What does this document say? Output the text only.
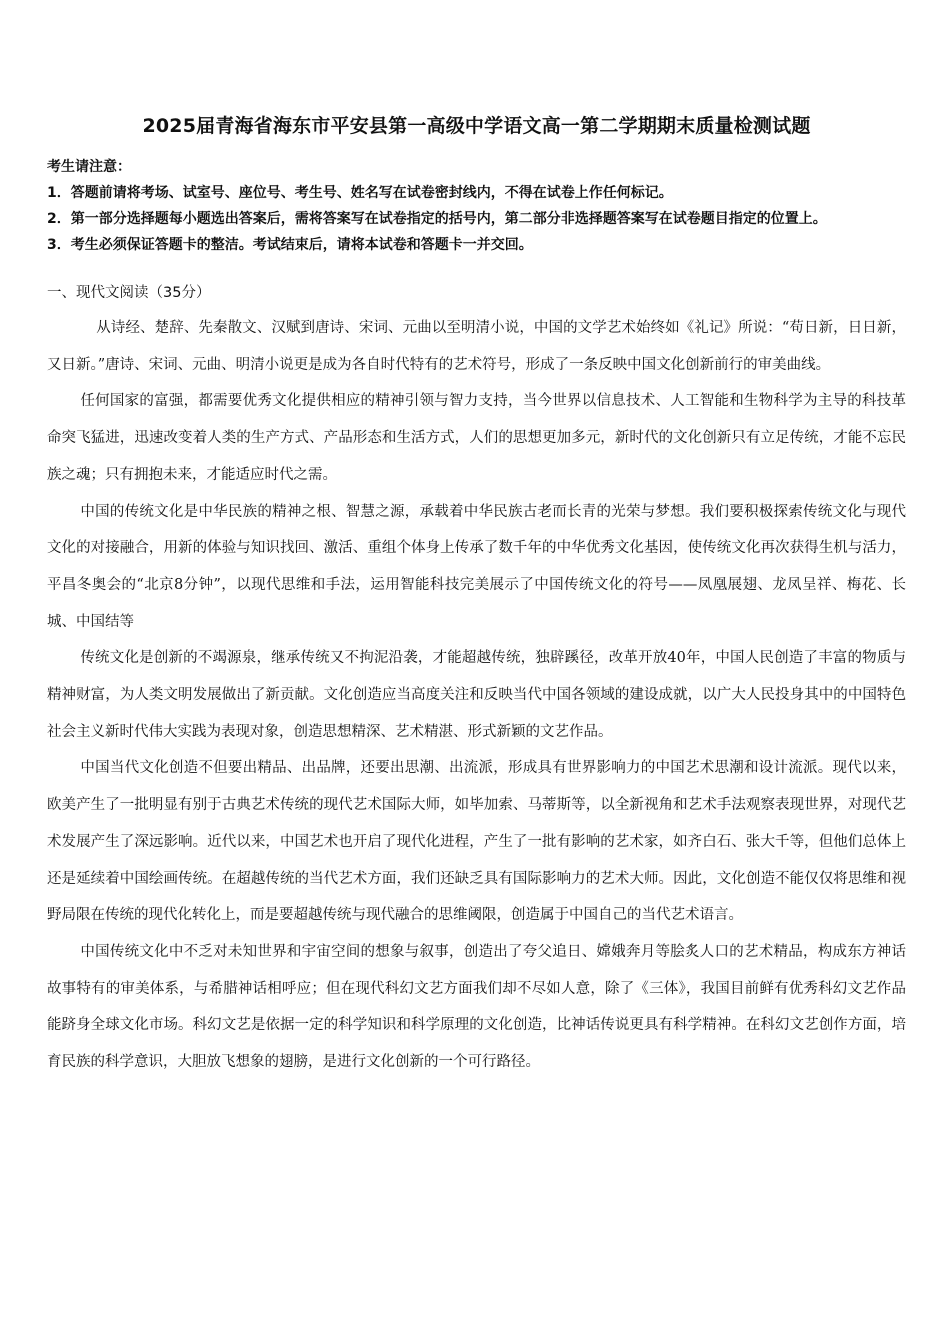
2025届青海省海东市平安县第一高级中学语文高一第二学期期末质量检测试题

考生请注意：

1．答题前请将考场、试室号、座位号、考生号、姓名写在试卷密封线内，不得在试卷上作任何标记。

2．第一部分选择题每小题选出答案后，需将答案写在试卷指定的括号内，第二部分非选择题答案写在试卷题目指定的位置上。

3．考生必须保证答题卡的整洁。考试结束后，请将本试卷和答题卡一并交回。

一、现代文阅读（35分）

从诗经、楚辞、先秦散文、汉赋到唐诗、宋词、元曲以至明清小说，中国的文学艺术始终如《礼记》所说：“苟日新，日日新，又日新。”唐诗、宋词、元曲、明清小说更是成为各自时代特有的艺术符号，形成了一条反映中国文化创新前行的审美曲线。

任何国家的富强，都需要优秀文化提供相应的精神引领与智力支持，当今世界以信息技术、人工智能和生物科学为主导的科技革命突飞猛进，迅速改变着人类的生产方式、产品形态和生活方式，人们的思想更加多元，新时代的文化创新只有立足传统，才能不忘民族之魂；只有拥抱未来，才能适应时代之需。

中国的传统文化是中华民族的精神之根、智慧之源，承载着中华民族古老而长青的光荣与梦想。我们要积极探索传统文化与现代文化的对接融合，用新的体验与知识找回、激活、重组个体身上传承了数千年的中华优秀文化基因，使传统文化再次获得生机与活力，平昌冬奥会的“北京8分钟”，以现代思维和手法，运用智能科技完美展示了中国传统文化的符号——凤凰展翅、龙凤呈祥、梅花、长城、中国结等

传统文化是创新的不竭源泉，继承传统又不拘泥沿袭，才能超越传统，独辟蹊径，改革开放40年，中国人民创造了丰富的物质与精神财富，为人类文明发展做出了新贡献。文化创造应当高度关注和反映当代中国各领域的建设成就，以广大人民投身其中的中国特色社会主义新时代伟大实践为表现对象，创造思想精深、艺术精湛、形式新颖的文艺作品。

中国当代文化创造不但要出精品、出品牌，还要出思潮、出流派，形成具有世界影响力的中国艺术思潮和设计流派。现代以来，欧美产生了一批明显有别于古典艺术传统的现代艺术国际大师，如毕加索、马蒂斯等，以全新视角和艺术手法观察表现世界，对现代艺术发展产生了深远影响。近代以来，中国艺术也开启了现代化进程，产生了一批有影响的艺术家，如齐白石、张大千等，但他们总体上还是延续着中国绘画传统。在超越传统的当代艺术方面，我们还缺乏具有国际影响力的艺术大师。因此，文化创造不能仅仅将思维和视野局限在传统的现代化转化上，而是要超越传统与现代融合的思维阈限，创造属于中国自己的当代艺术语言。

中国传统文化中不乏对未知世界和宇宙空间的想象与叙事，创造出了夸父追日、嫦娥奔月等脍炙人口的艺术精品，构成东方神话故事特有的审美体系，与希腊神话相呼应；但在现代科幻文艺方面我们却不尽如人意，除了《三体》，我国目前鲜有优秀科幻文艺作品能跻身全球文化市场。科幻文艺是依据一定的科学知识和科学原理的文化创造，比神话传说更具有科学精神。在科幻文艺创作方面，培育民族的科学意识，大胆放飞想象的翅膀，是进行文化创新的一个可行路径。
